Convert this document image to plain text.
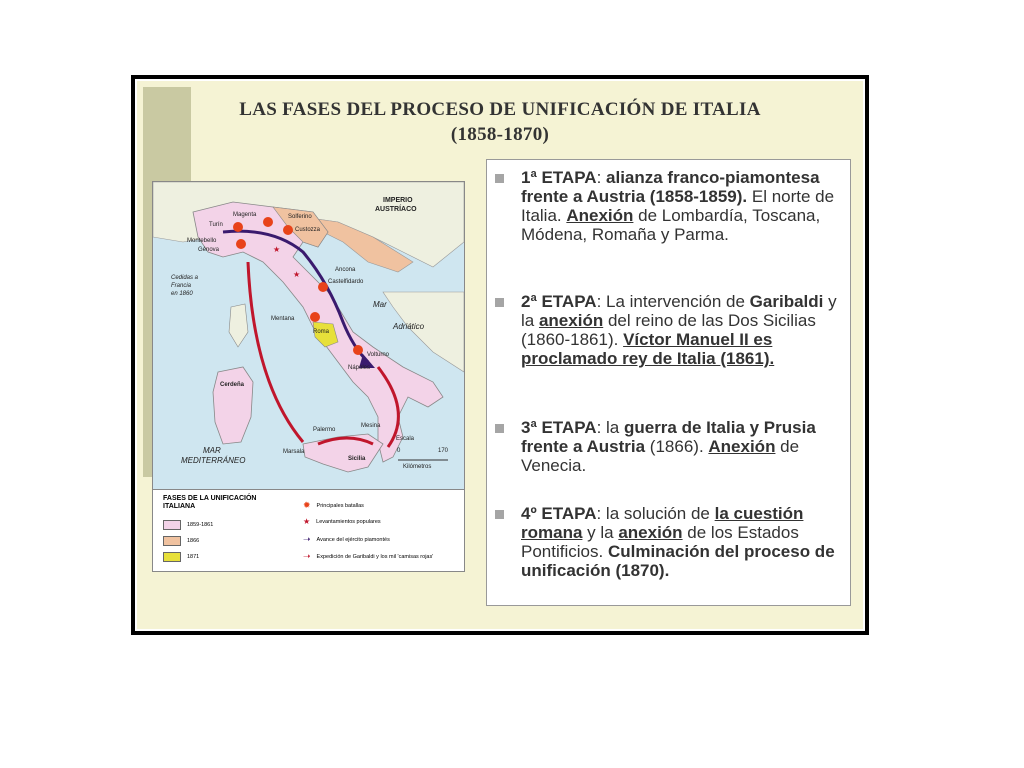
LAS FASES DEL PROCESO DE UNIFICACIÓN DE ITALIA
(1858-1870)
★
★
IMPERIO
AUSTRÍACO
Magenta
Turín
Solferino
Custozza
Montebello
Génova
Cedidas a
Francia
en 1860
Ancona
Castelfidardo
Mar
Adriático
Mentana
Roma
Volturno
Nápoles
Cerdeña
Palermo
Mesina
Escala
MAR
MEDITERRÁNEO
Marsala
Sicilia
0	170
Kilómetros
FASES DE LA UNIFICACIÓN ITALIANA
1859-1861
1866
1871
✹ Principales batallas
★ Levantamientos populares
➝ Avance del ejército piamontés
➝ Expedición de Garibaldi y los mil 'camisas rojas'
1ª ETAPA: alianza franco-piamontesa frente a Austria (1858-1859). El norte de Italia. Anexión de Lombardía, Toscana, Módena, Romaña y Parma.
2ª ETAPA: La intervención de Garibaldi y la anexión del reino de las Dos Sicilias (1860-1861). Víctor Manuel II es proclamado rey de Italia (1861).
3ª ETAPA: la guerra de Italia y Prusia frente a Austria (1866). Anexión de Venecia.
4º ETAPA: la solución de la cuestión romana y la anexión de los Estados Pontificios. Culminación del proceso de unificación (1870).
